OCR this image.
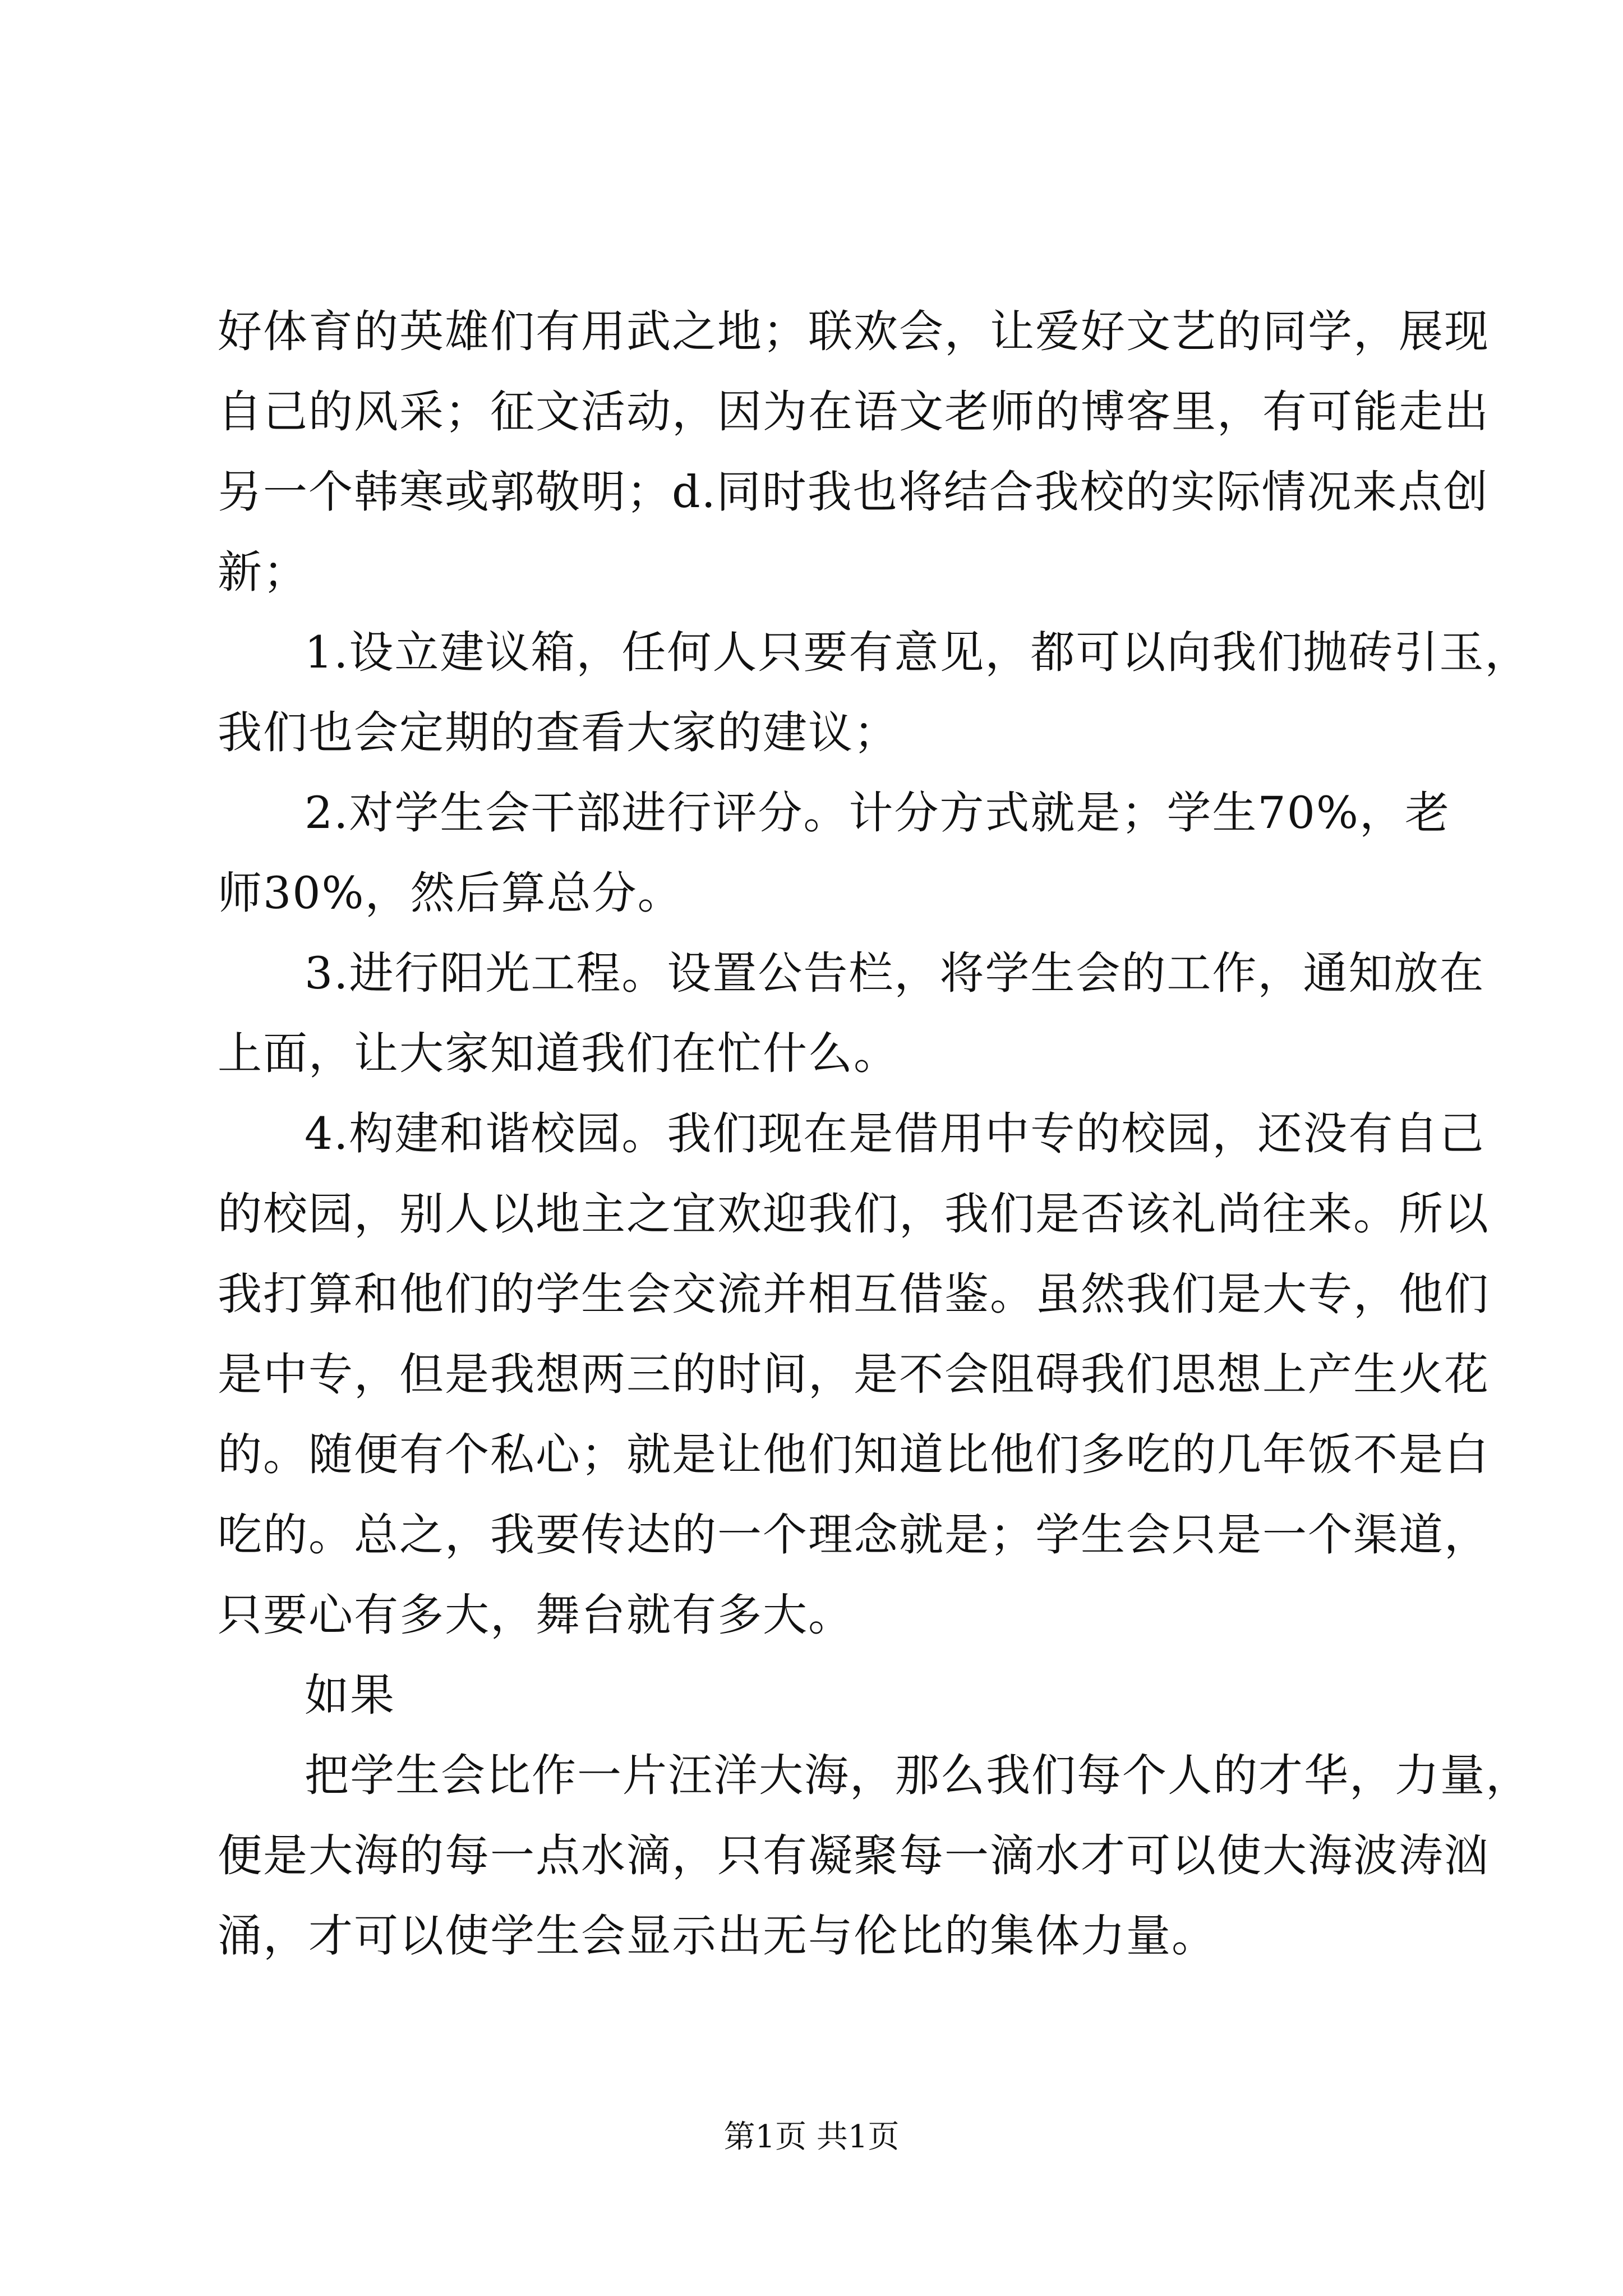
好体育的英雄们有用武之地；联欢会，让爱好文艺的同学，展现
自己的风采；征文活动，因为在语文老师的博客里，有可能走出
另一个韩寒或郭敬明；d.同时我也将结合我校的实际情况来点创
新；
1.设立建议箱，任何人只要有意见，都可以向我们抛砖引玉，
我们也会定期的查看大家的建议；
2.对学生会干部进行评分。计分方式就是；学生70%，老
师30%，然后算总分。
3.进行阳光工程。设置公告栏，将学生会的工作，通知放在
上面，让大家知道我们在忙什么。
4.构建和谐校园。我们现在是借用中专的校园，还没有自己
的校园，别人以地主之宜欢迎我们，我们是否该礼尚往来。所以
我打算和他们的学生会交流并相互借鉴。虽然我们是大专，他们
是中专，但是我想两三的时间，是不会阻碍我们思想上产生火花
的。随便有个私心；就是让他们知道比他们多吃的几年饭不是白
吃的。总之，我要传达的一个理念就是；学生会只是一个渠道，
只要心有多大，舞台就有多大。
如果
把学生会比作一片汪洋大海，那么我们每个人的才华，力量，
便是大海的每一点水滴，只有凝聚每一滴水才可以使大海波涛汹
涌，才可以使学生会显示出无与伦比的集体力量。
第1页 共1页
